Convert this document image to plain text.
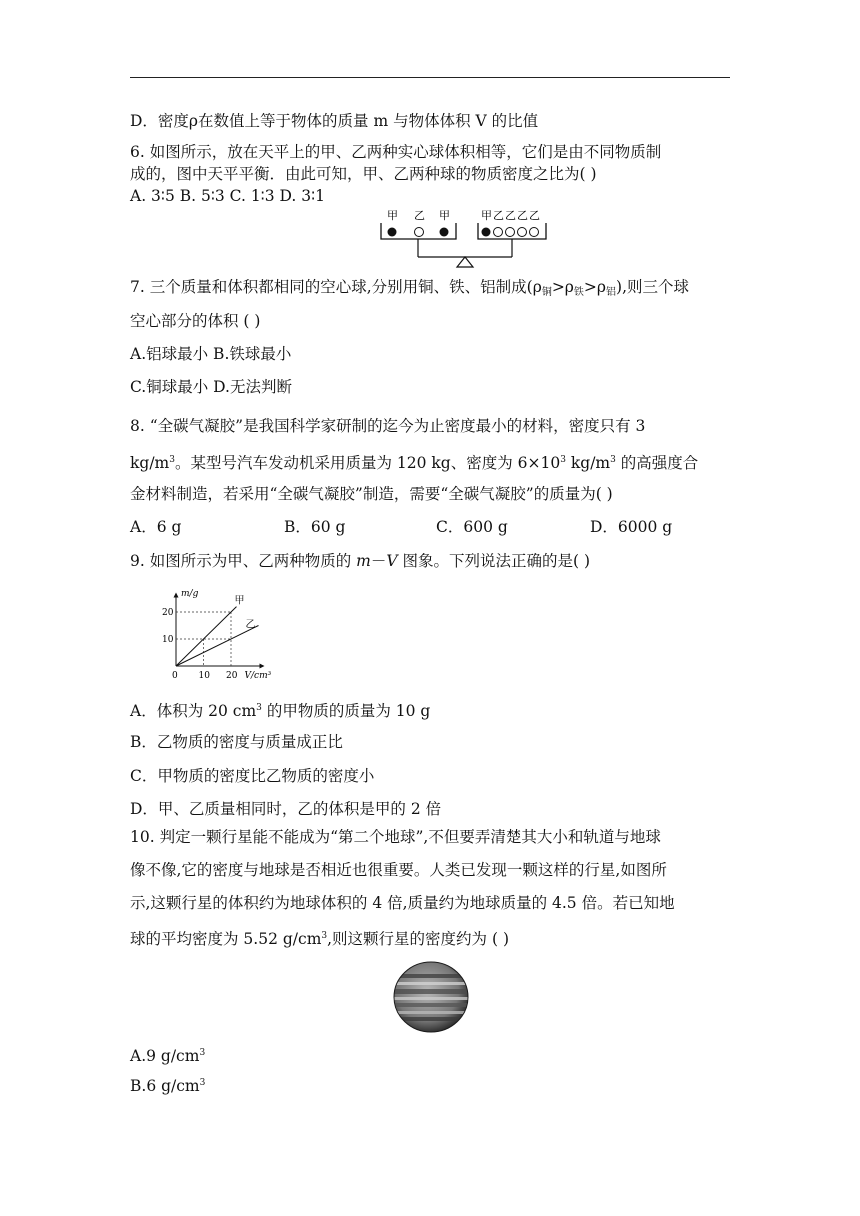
D．密度ρ在数值上等于物体的质量 m 与物体体积 V 的比值
6. 如图所示，放在天平上的甲、乙两种实心球体积相等，它们是由不同物质制
成的，图中天平平衡．由此可知，甲、乙两种球的物质密度之比为( )
A. 3∶5 B. 5∶3 C. 1∶3 D. 3∶1
甲 乙 甲	甲 乙 乙 乙 乙
7. 三个质量和体积都相同的空心球,分别用铜、铁、铝制成$(\rho_铜>\rho_铁>\rho_铝)$,则三个球
空心部分的体积 ( )
A.铝球最小 B.铁球最小
C.铜球最小 D.无法判断
8. “全碳气凝胶”是我国科学家研制的迄今为止密度最小的材料，密度只有 3
$kg/m^3$。某型号汽车发动机采用质量为 120 kg、密度为 $6\times 10^3$ $kg/m^3$ 的高强度合
金材料制造，若采用“全碳气凝胶”制造，需要“全碳气凝胶”的质量为( )
A．6 g	B．60 g	C．600 g	D．6000 g
9. 如图所示为甲、乙两种物质的 m－V 图象。下列说法正确的是( )
m/g
V/cm³
0 10 20
10
20
甲
乙
A．体积为 20 $cm^3$ 的甲物质的质量为 10 g
B．乙物质的密度与质量成正比
C．甲物质的密度比乙物质的密度小
D．甲、乙质量相同时，乙的体积是甲的 2 倍
10. 判定一颗行星能不能成为“第二个地球”,不但要弄清楚其大小和轨道与地球
像不像,它的密度与地球是否相近也很重要。人类已发现一颗这样的行星,如图所
示,这颗行星的体积约为地球体积的 4 倍,质量约为地球质量的 4.5 倍。若已知地
球的平均密度为 5.52 $g/cm^3$,则这颗行星的密度约为 ( )
A.9 $g/cm^3$
B.6 $g/cm^3$
